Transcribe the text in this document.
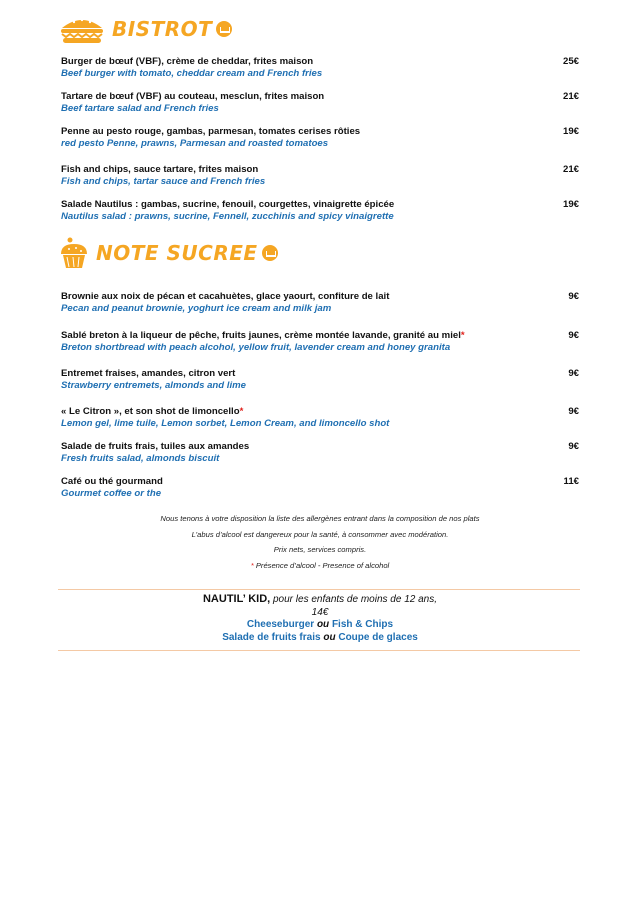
BISTROT
Burger de bœuf (VBF), crème de cheddar, frites maison
Beef burger with tomato, cheddar cream and French fries
25€
Tartare de bœuf (VBF) au couteau, mesclun, frites maison
Beef tartare salad and French fries
21€
Penne au pesto rouge, gambas, parmesan, tomates cerises rôties
red pesto Penne, prawns, Parmesan and roasted tomatoes
19€
Fish and chips, sauce tartare, frites maison
Fish and chips, tartar sauce and French fries
21€
Salade Nautilus : gambas, sucrine, fenouil, courgettes, vinaigrette épicée
Nautilus salad : prawns, sucrine, Fennell, zucchinis and spicy vinaigrette
19€
NOTE SUCREE
Brownie aux noix de pécan et cacahuètes, glace yaourt, confiture de lait
Pecan and peanut brownie, yoghurt ice cream and milk jam
9€
Sablé breton à la liqueur de pêche, fruits jaunes, crème montée lavande, granité au miel*
Breton shortbread with peach alcohol, yellow fruit, lavender cream and honey granita
9€
Entremet fraises, amandes, citron vert
Strawberry entremets, almonds and lime
9€
« Le Citron », et son shot de limoncello*
Lemon gel, lime tuile, Lemon sorbet, Lemon Cream, and limoncello shot
9€
Salade de fruits frais, tuiles aux amandes
Fresh fruits salad, almonds biscuit
9€
Café ou thé gourmand
Gourmet coffee or the
11€
Nous tenons à votre disposition la liste des allergènes entrant dans la composition de nos plats
L’abus d’alcool est dangereux pour la santé, à consommer avec modération.
Prix nets, services compris.
* Présence d’alcool - Presence of alcohol
NAUTIL’ KID, pour les enfants de moins de 12 ans,
14€
Cheeseburger ou Fish & Chips
Salade de fruits frais ou Coupe de glaces
